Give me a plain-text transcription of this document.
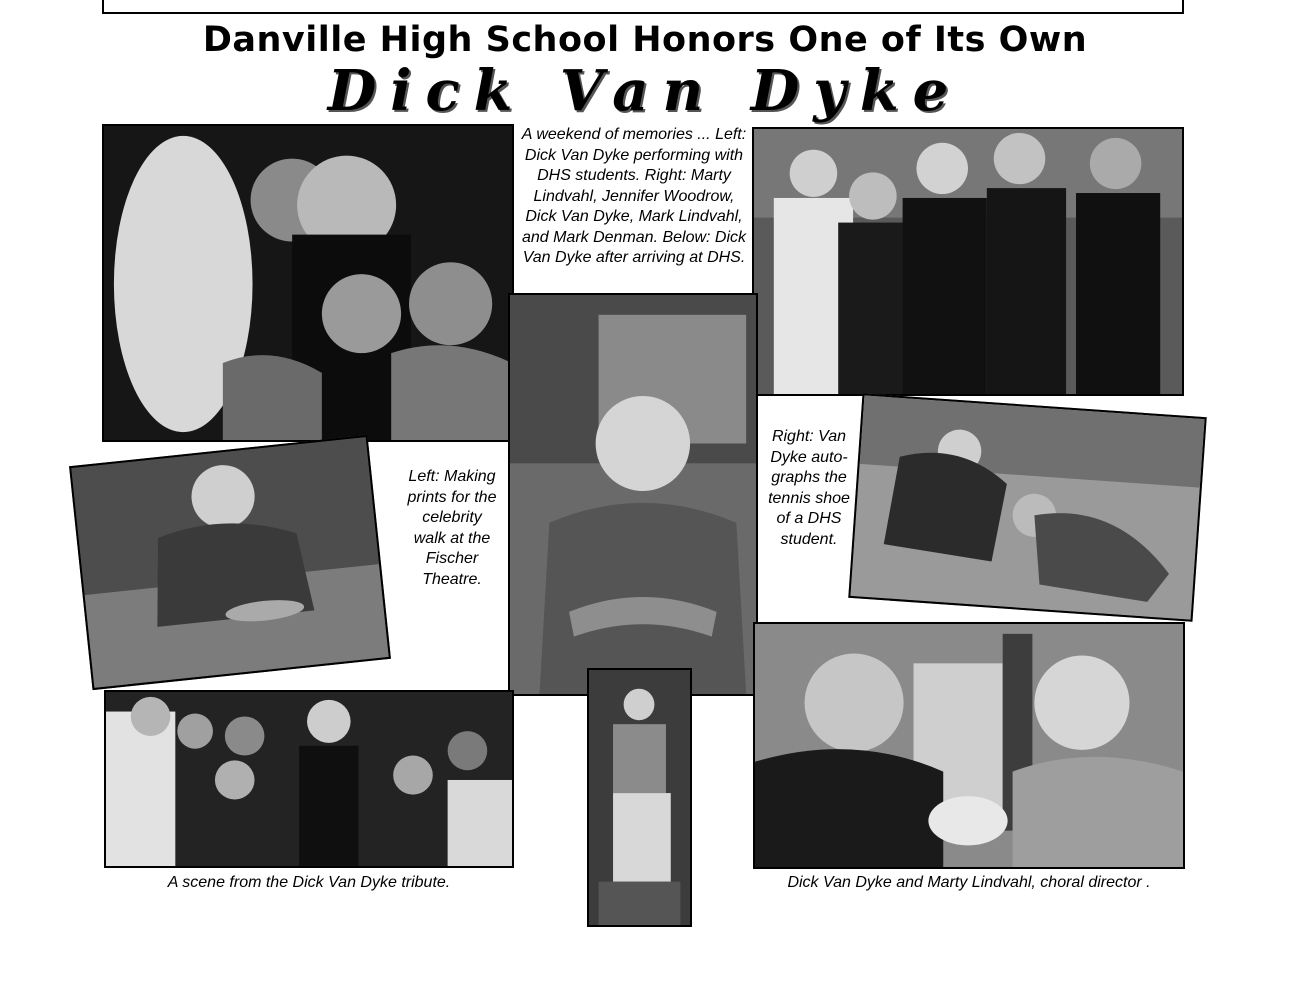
Danville High School Honors One of Its Own
Dick Van Dyke
A weekend of memories ... Left: Dick Van Dyke performing with DHS students. Right: Marty Lindvahl, Jennifer Woodrow, Dick Van Dyke, Mark Lindvahl, and Mark Denman. Below: Dick Van Dyke after arriving at DHS.
Left: Making prints for the celebrity walk at the Fischer Theatre.
Right: Van Dyke auto-graphs the tennis shoe of a DHS student.
A scene from the Dick Van Dyke tribute.	Dick Van Dyke and Marty Lindvahl, choral director .
